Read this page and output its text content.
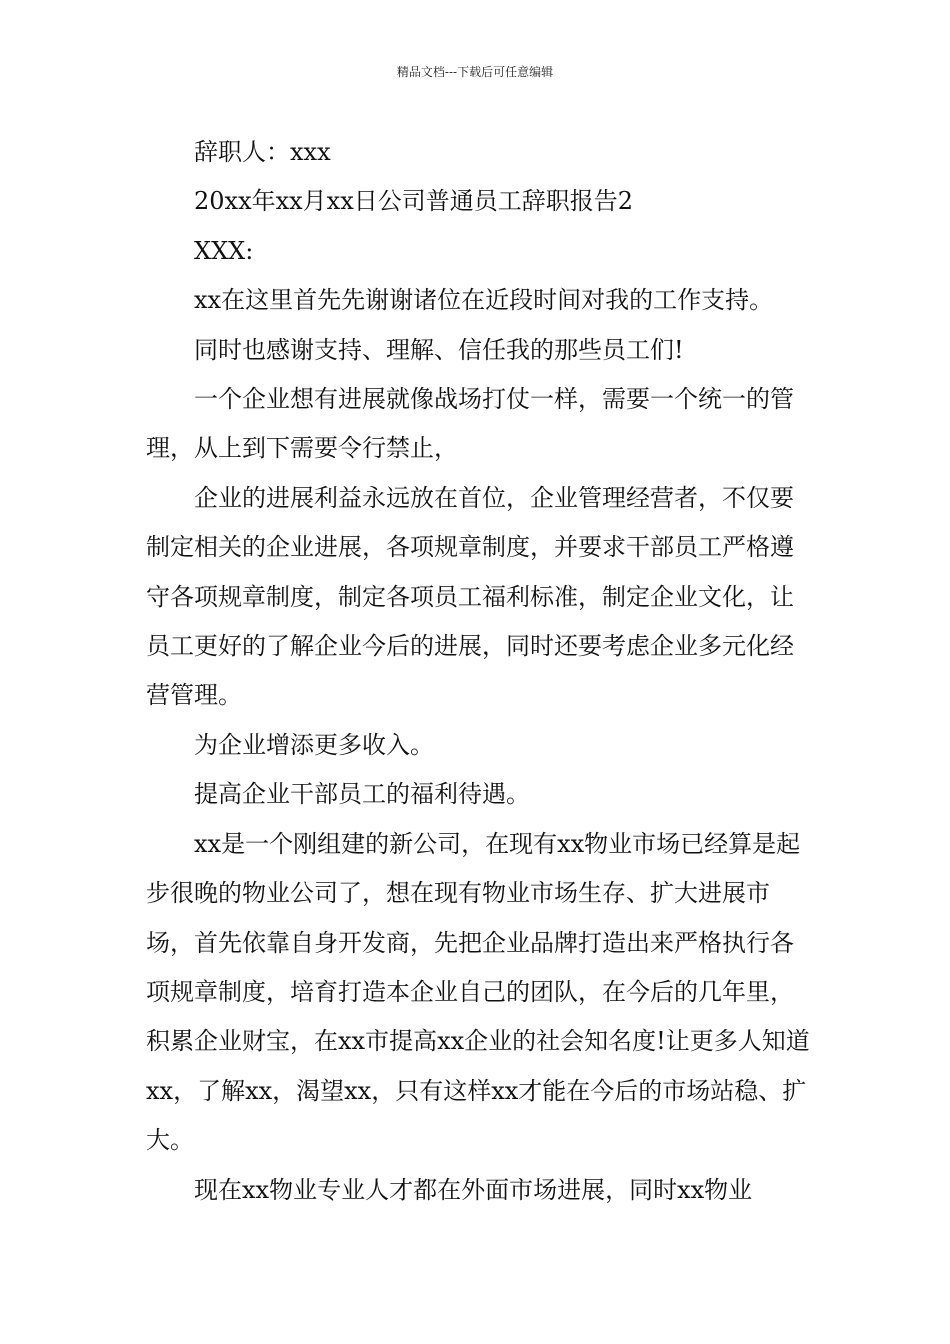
精品文档---下载后可任意编辑

辞职人：xxx

20xx年xx月xx日公司普通员工辞职报告2

XXX:

xx在这里首先先谢谢诸位在近段时间对我的工作支持。

同时也感谢支持、理解、信任我的那些员工们!

一个企业想有进展就像战场打仗一样，需要一个统一的管理，从上到下需要令行禁止，

企业的进展利益永远放在首位，企业管理经营者，不仅要制定相关的企业进展，各项规章制度，并要求干部员工严格遵守各项规章制度，制定各项员工福利标准，制定企业文化，让员工更好的了解企业今后的进展，同时还要考虑企业多元化经营管理。

为企业增添更多收入。

提高企业干部员工的福利待遇。

xx是一个刚组建的新公司，在现有xx物业市场已经算是起步很晚的物业公司了，想在现有物业市场生存、扩大进展市场，首先依靠自身开发商，先把企业品牌打造出来严格执行各项规章制度，培育打造本企业自己的团队，在今后的几年里，积累企业财宝，在xx市提高xx企业的社会知名度!让更多人知道xx，了解xx，渴望xx，只有这样xx才能在今后的市场站稳、扩大。

现在xx物业专业人才都在外面市场进展，同时xx物业
